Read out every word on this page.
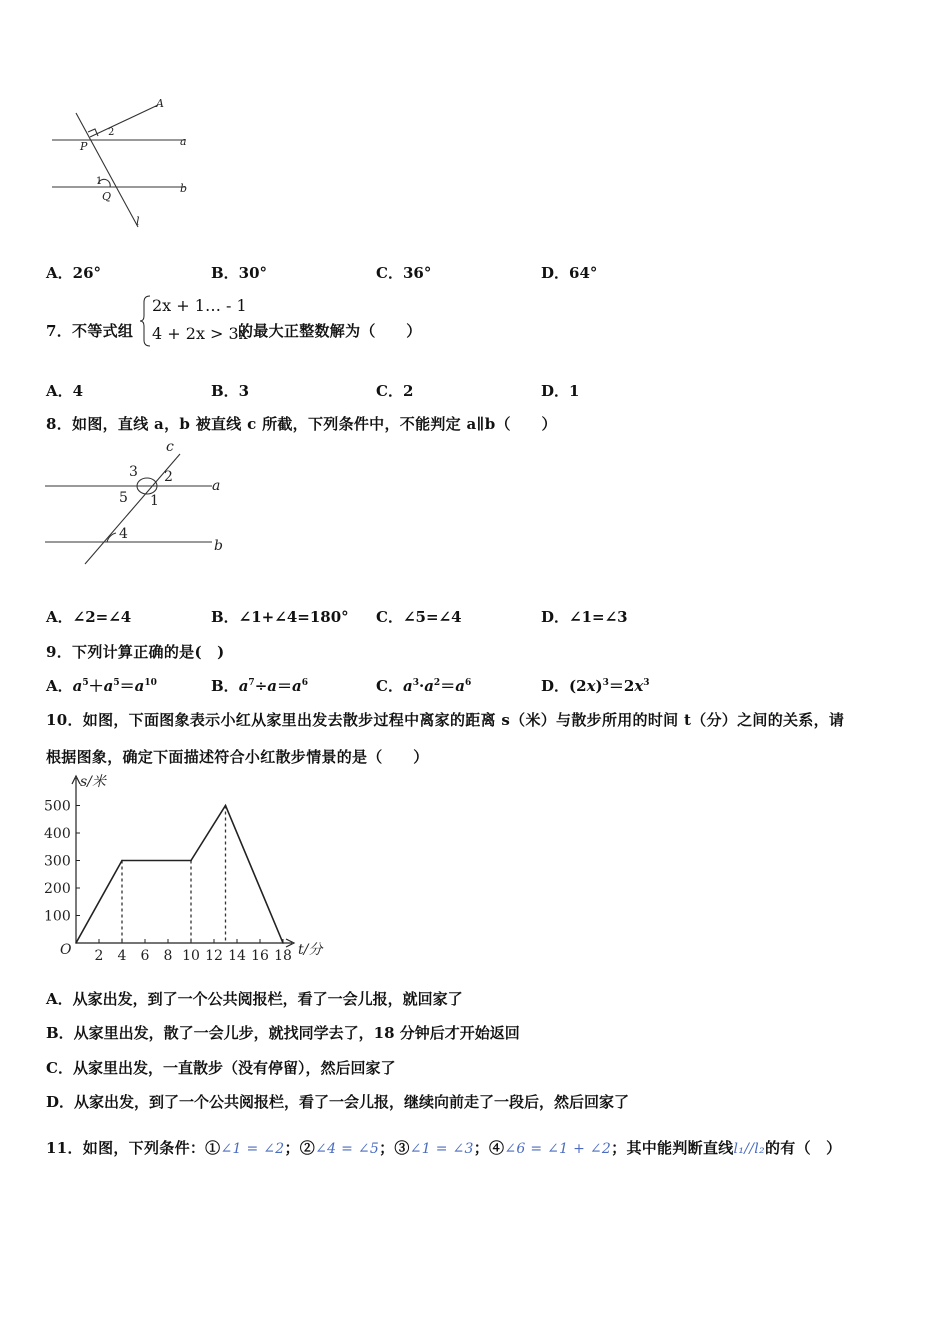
A
a
b
P
Q
l
1
2
A．26°	B．30°	C．36°	D．64°
7．不等式组
2x + 1… - 1
4 + 2x > 3x
的最大正整数解为（　　）
A．4	B．3	C．2	D．1
8．如图，直线 a，b 被直线 c 所截，下列条件中，不能判定 a∥b（　　）
c
a
b
3 2
5 1
4
A．∠2=∠4	B．∠1+∠4=180° C．∠5=∠4	D．∠1=∠3
9．下列计算正确的是(　)
A．$a^5+a^5=a^{10}$	B．$a^7\div a=a^6$	C．$a^3\cdot a^2=a^6$	D．$(2x)^3=2x^3$
10．如图，下面图象表示小红从家里出发去散步过程中离家的距离 s（米）与散步所用的时间 t（分）之间的关系，请
根据图象，确定下面描述符合小红散步情景的是（　　）
s/米
t/分
O
100
200
300
400
500
2 4 6 8 10 12 14 16 18
A．从家出发，到了一个公共阅报栏，看了一会儿报，就回家了
B．从家里出发，散了一会儿步，就找同学去了，18 分钟后才开始返回
C．从家里出发，一直散步（没有停留），然后回家了
D．从家出发，到了一个公共阅报栏，看了一会儿报，继续向前走了一段后，然后回家了
11．如图，下列条件：①∠1 = ∠2；②∠4 = ∠5；③∠1 = ∠3；④∠6 = ∠1 + ∠2；其中能判断直线l₁//l₂的有（　）
